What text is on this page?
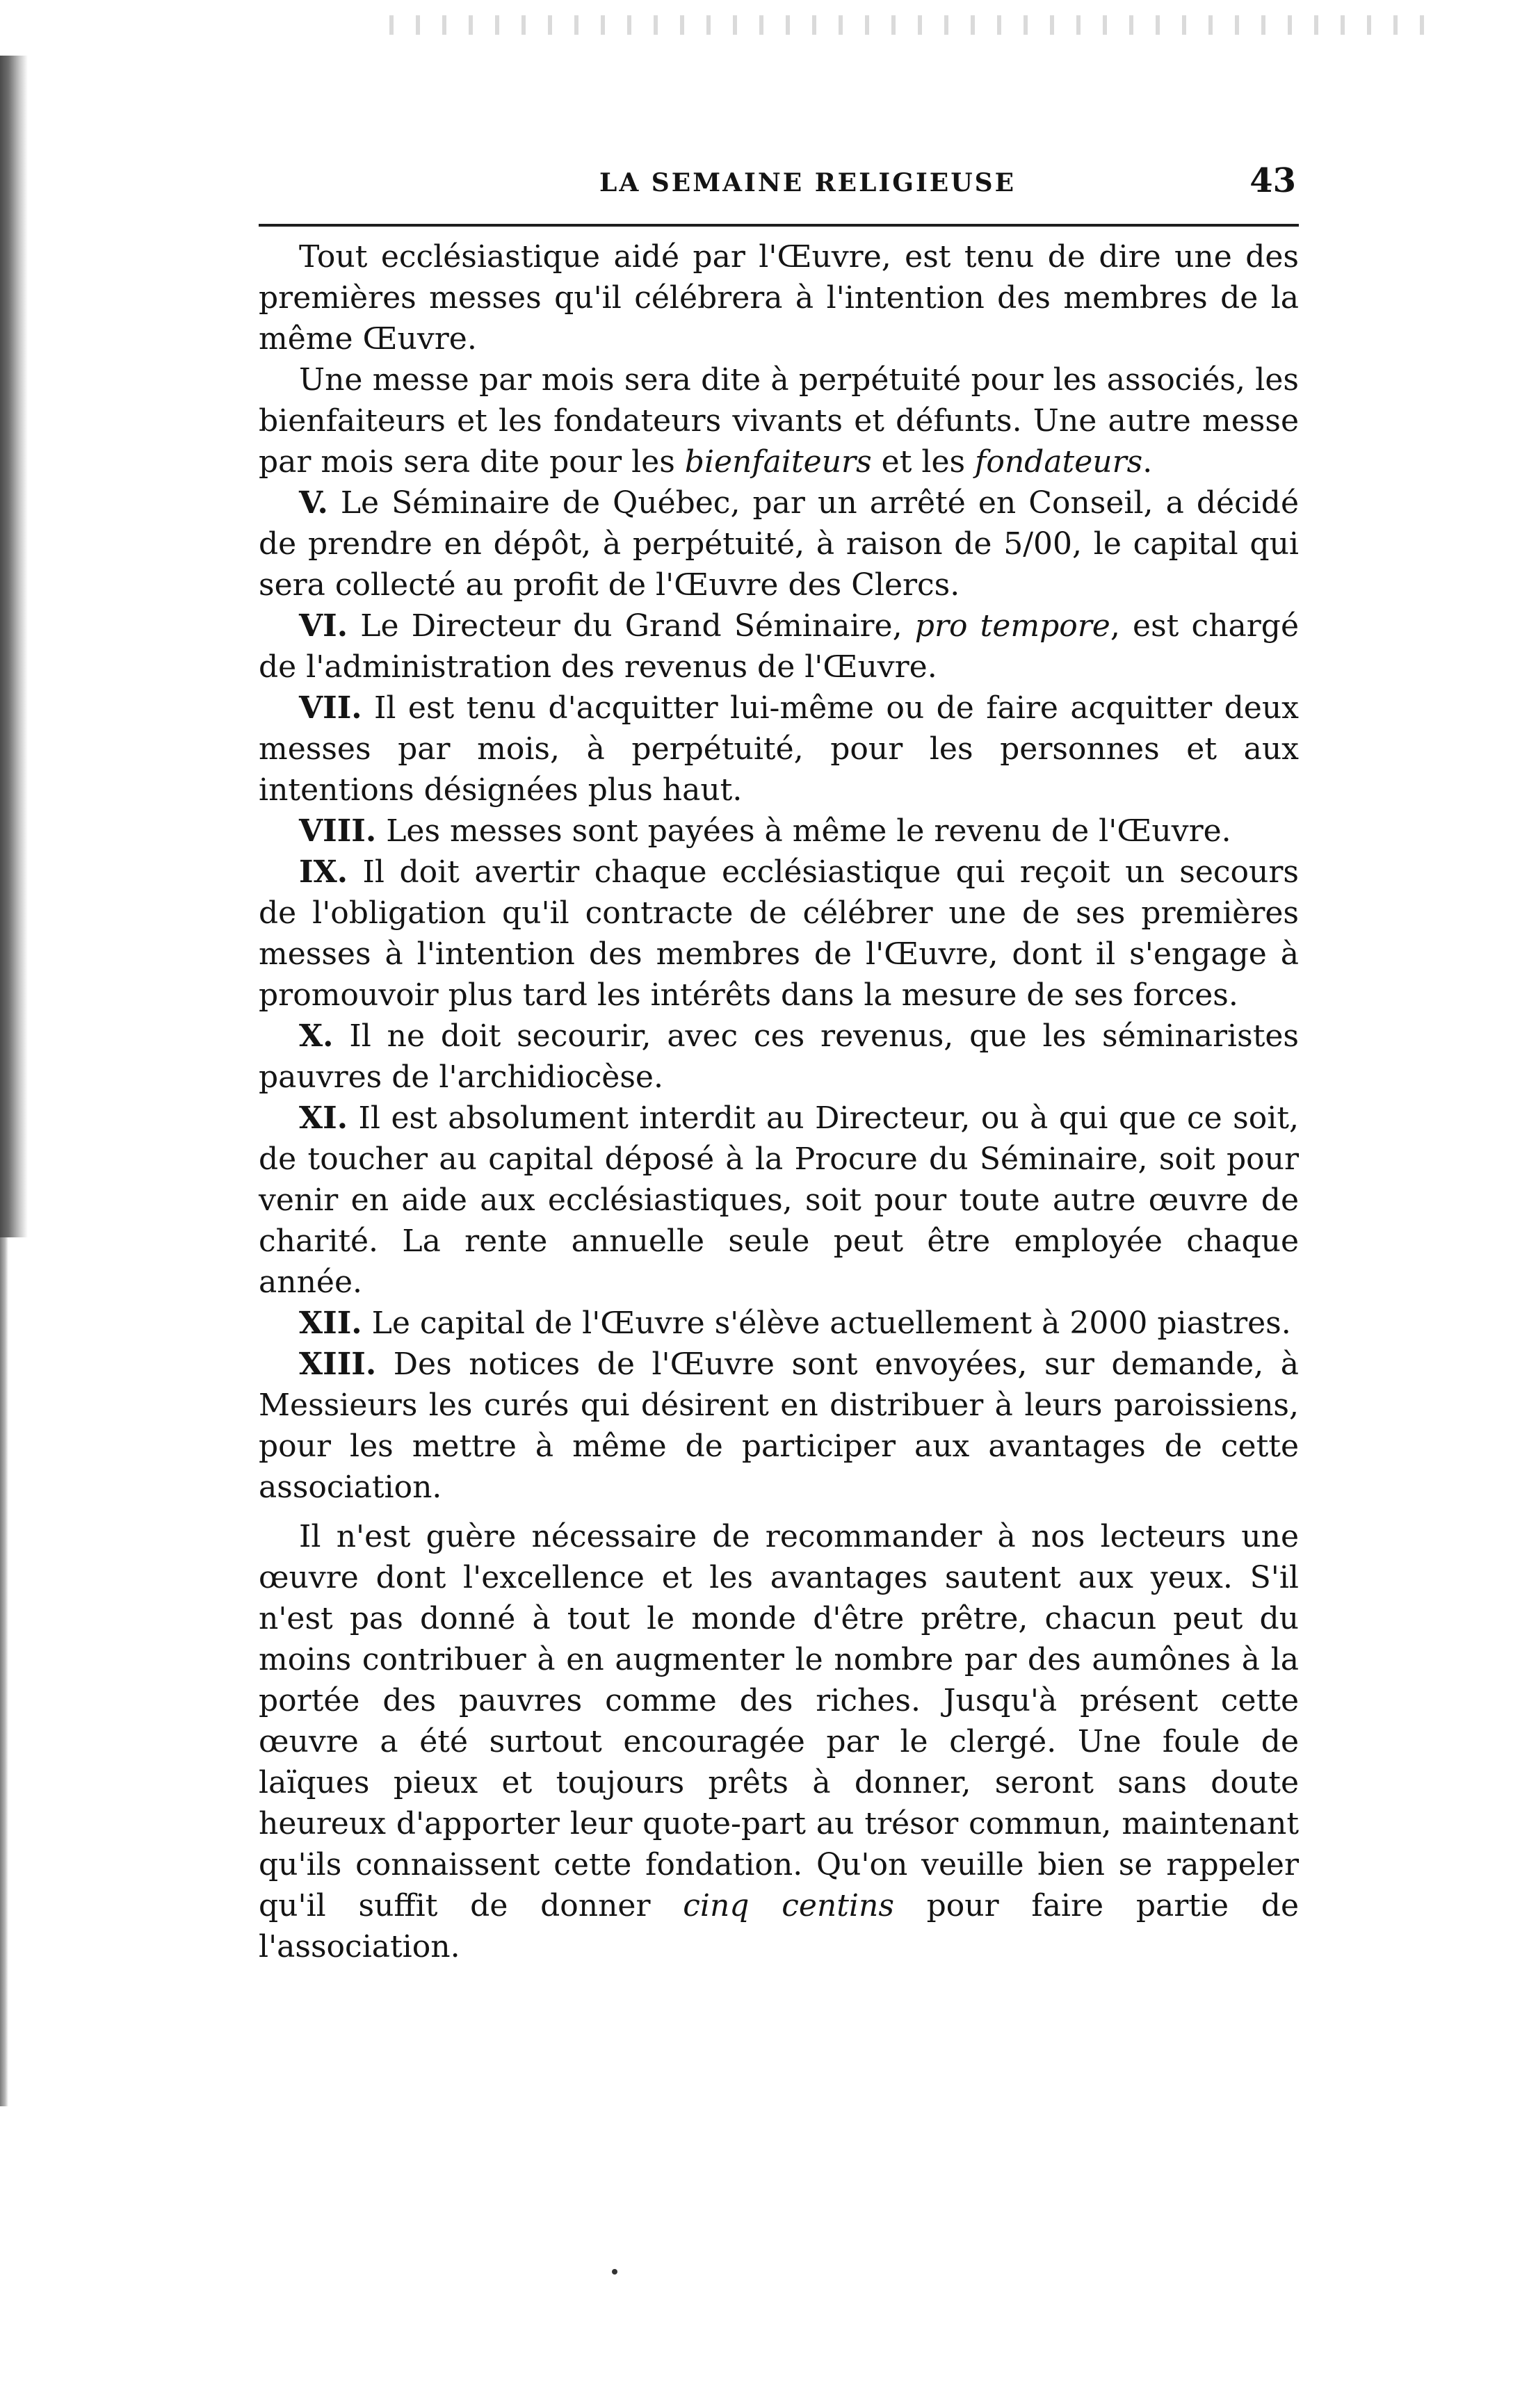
LA SEMAINE RELIGIEUSE	43

Tout ecclésiastique aidé par l'Œuvre, est tenu de dire une des premières messes qu'il célébrera à l'intention des membres de la même Œuvre.

Une messe par mois sera dite à perpétuité pour les associés, les bienfaiteurs et les fondateurs vivants et défunts. Une autre messe par mois sera dite pour les bienfaiteurs et les fondateurs.

V. Le Séminaire de Québec, par un arrêté en Conseil, a décidé de prendre en dépôt, à perpétuité, à raison de 5/00, le capital qui sera collecté au profit de l'Œuvre des Clercs.

VI. Le Directeur du Grand Séminaire, pro tempore, est chargé de l'administration des revenus de l'Œuvre.

VII. Il est tenu d'acquitter lui-même ou de faire acquitter deux messes par mois, à perpétuité, pour les personnes et aux intentions désignées plus haut.

VIII. Les messes sont payées à même le revenu de l'Œuvre.

IX. Il doit avertir chaque ecclésiastique qui reçoit un secours de l'obligation qu'il contracte de célébrer une de ses premières messes à l'intention des membres de l'Œuvre, dont il s'engage à promouvoir plus tard les intérêts dans la mesure de ses forces.

X. Il ne doit secourir, avec ces revenus, que les séminaristes pauvres de l'archidiocèse.

XI. Il est absolument interdit au Directeur, ou à qui que ce soit, de toucher au capital déposé à la Procure du Séminaire, soit pour venir en aide aux ecclésiastiques, soit pour toute autre œuvre de charité. La rente annuelle seule peut être employée chaque année.

XII. Le capital de l'Œuvre s'élève actuellement à 2000 piastres.

XIII. Des notices de l'Œuvre sont envoyées, sur demande, à Messieurs les curés qui désirent en distribuer à leurs paroissiens, pour les mettre à même de participer aux avantages de cette association.

Il n'est guère nécessaire de recommander à nos lecteurs une œuvre dont l'excellence et les avantages sautent aux yeux. S'il n'est pas donné à tout le monde d'être prêtre, chacun peut du moins contribuer à en augmenter le nombre par des aumônes à la portée des pauvres comme des riches. Jusqu'à présent cette œuvre a été surtout encouragée par le clergé. Une foule de laïques pieux et toujours prêts à donner, seront sans doute heureux d'apporter leur quote-part au trésor commun, maintenant qu'ils connaissent cette fondation. Qu'on veuille bien se rappeler qu'il suffit de donner cinq centins pour faire partie de l'association.
